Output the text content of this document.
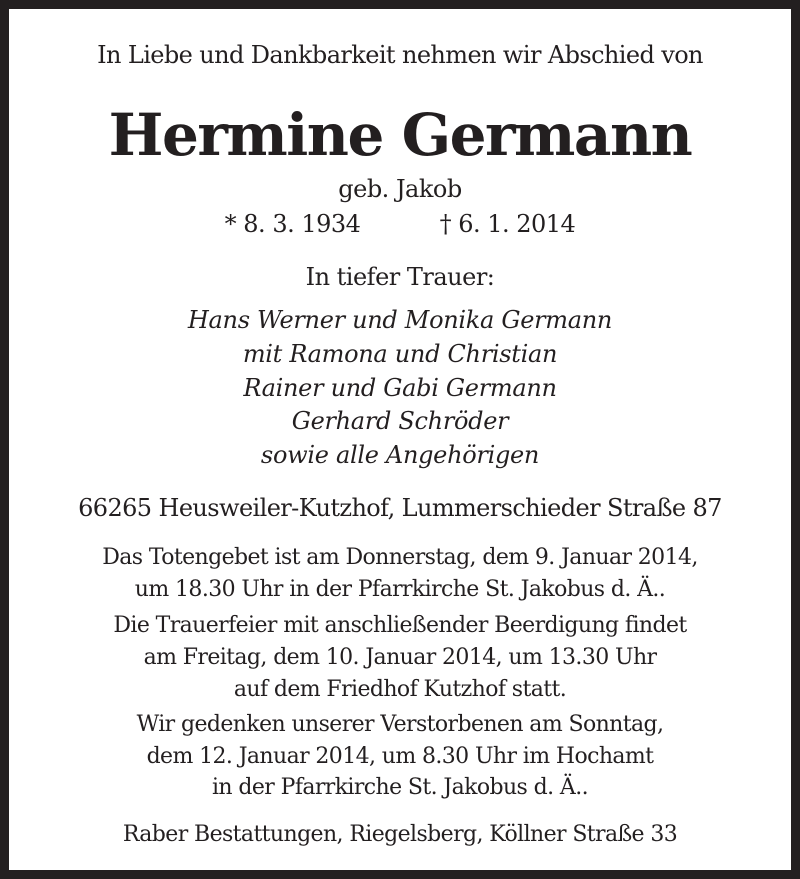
In Liebe und Dankbarkeit nehmen wir Abschied von
Hermine Germann
geb. Jakob
* 8. 3. 1934	† 6. 1. 2014
In tiefer Trauer:
Hans Werner und Monika Germann
mit Ramona und Christian
Rainer und Gabi Germann
Gerhard Schröder
sowie alle Angehörigen
66265 Heusweiler-Kutzhof, Lummerschieder Straße 87
Das Totengebet ist am Donnerstag, dem 9. Januar 2014,
um 18.30 Uhr in der Pfarrkirche St. Jakobus d. Ä..
Die Trauerfeier mit anschließender Beerdigung findet
am Freitag, dem 10. Januar 2014, um 13.30 Uhr
auf dem Friedhof Kutzhof statt.
Wir gedenken unserer Verstorbenen am Sonntag,
dem 12. Januar 2014, um 8.30 Uhr im Hochamt
in der Pfarrkirche St. Jakobus d. Ä..
Raber Bestattungen, Riegelsberg, Köllner Straße 33
